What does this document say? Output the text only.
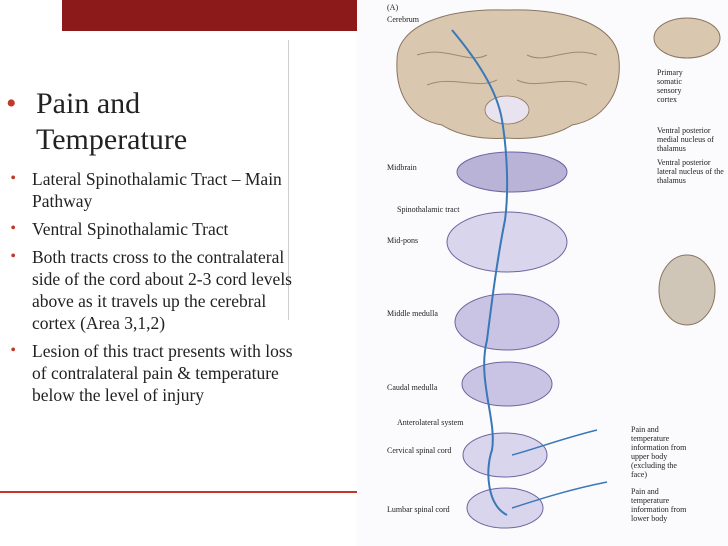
• Pain and Temperature
• Lateral Spinothalamic Tract – Main Pathway
• Ventral Spinothalamic Tract
• Both tracts cross to the contralateral side of the cord about 2-3 cord levels above as it travels up the cerebral cortex (Area 3,1,2)
• Lesion of this tract presents with loss of contralateral pain & temperature below the level of injury
(A)
Cerebrum
Midbrain
Spinothalamic tract
Mid-pons
Middle medulla
Caudal medulla
Anterolateral system
Cervical spinal cord
Lumbar spinal cord
Primary somatic sensory cortex
Ventral posterior medial nucleus of thalamus
Ventral posterior lateral nucleus of the thalamus
Pain and temperature information from upper body (excluding the face)
Pain and temperature information from lower body
